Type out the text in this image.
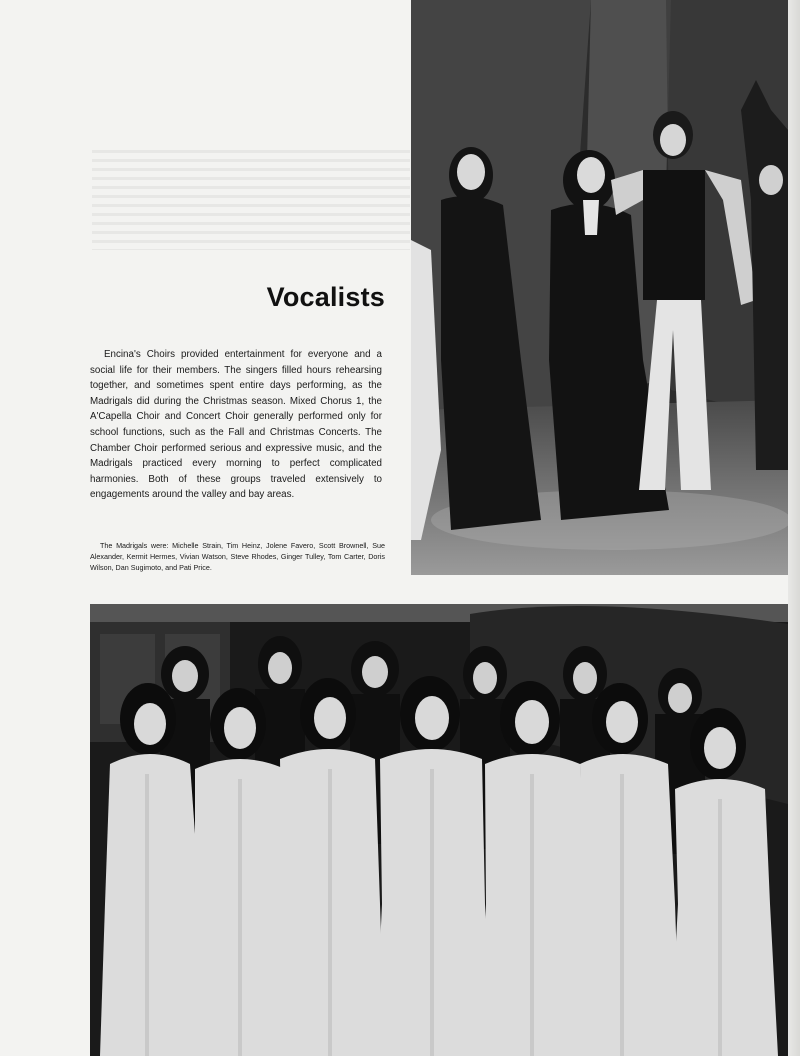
Vocalists

Encina's Choirs provided entertainment for everyone and a social life for their members. The singers filled hours rehearsing together, and sometimes spent entire days performing, as the Madrigals did during the Christmas season. Mixed Chorus 1, the A'Capella Choir and Concert Choir generally performed only for school functions, such as the Fall and Christmas Concerts. The Chamber Choir performed serious and expressive music, and the Madrigals practiced every morning to perfect complicated harmonies. Both of these groups traveled extensively to engagements around the valley and bay areas.

The Madrigals were: Michelle Strain, Tim Heinz, Jolene Favero, Scott Brownell, Sue Alexander, Kermit Hermes, Vivian Watson, Steve Rhodes, Ginger Tulley, Tom Carter, Doris Wilson, Dan Sugimoto, and Pati Price.
